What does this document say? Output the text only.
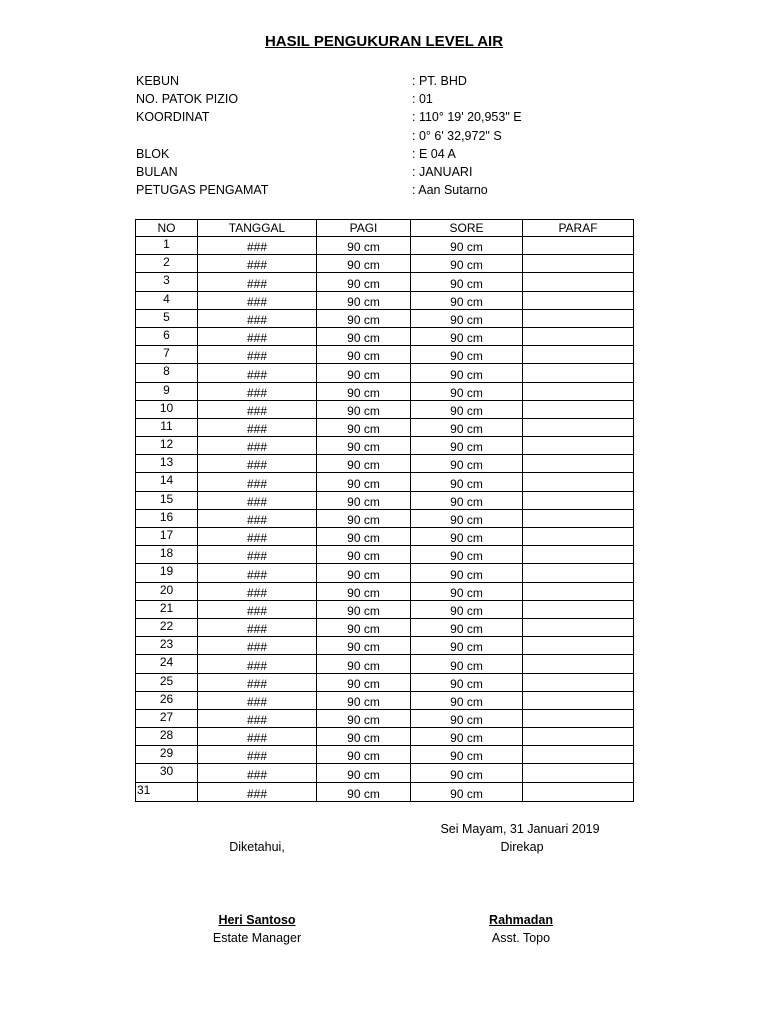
HASIL PENGUKURAN LEVEL AIR
KEBUN	: PT. BHD
NO. PATOK PIZIO	: 01
KOORDINAT	: 110° 19' 20,953" E
: 0° 6' 32,972" S
BLOK	: E 04 A
BULAN	: JANUARI
PETUGAS PENGAMAT	: Aan Sutarno
NO	TANGGAL	PAGI	SORE	PARAF
1	###	90 cm	90 cm	
2	###	90 cm	90 cm	
3	###	90 cm	90 cm	
4	###	90 cm	90 cm	
5	###	90 cm	90 cm	
6	###	90 cm	90 cm	
7	###	90 cm	90 cm	
8	###	90 cm	90 cm	
9	###	90 cm	90 cm	
10	###	90 cm	90 cm	
11	###	90 cm	90 cm	
12	###	90 cm	90 cm	
13	###	90 cm	90 cm	
14	###	90 cm	90 cm	
15	###	90 cm	90 cm	
16	###	90 cm	90 cm	
17	###	90 cm	90 cm	
18	###	90 cm	90 cm	
19	###	90 cm	90 cm	
20	###	90 cm	90 cm	
21	###	90 cm	90 cm	
22	###	90 cm	90 cm	
23	###	90 cm	90 cm	
24	###	90 cm	90 cm	
25	###	90 cm	90 cm	
26	###	90 cm	90 cm	
27	###	90 cm	90 cm	
28	###	90 cm	90 cm	
29	###	90 cm	90 cm	
30	###	90 cm	90 cm	
31	###	90 cm	90 cm	
Sei Mayam, 31 Januari 2019
Diketahui,	Direkap
Heri Santoso
Estate Manager
Rahmadan
Asst. Topo
